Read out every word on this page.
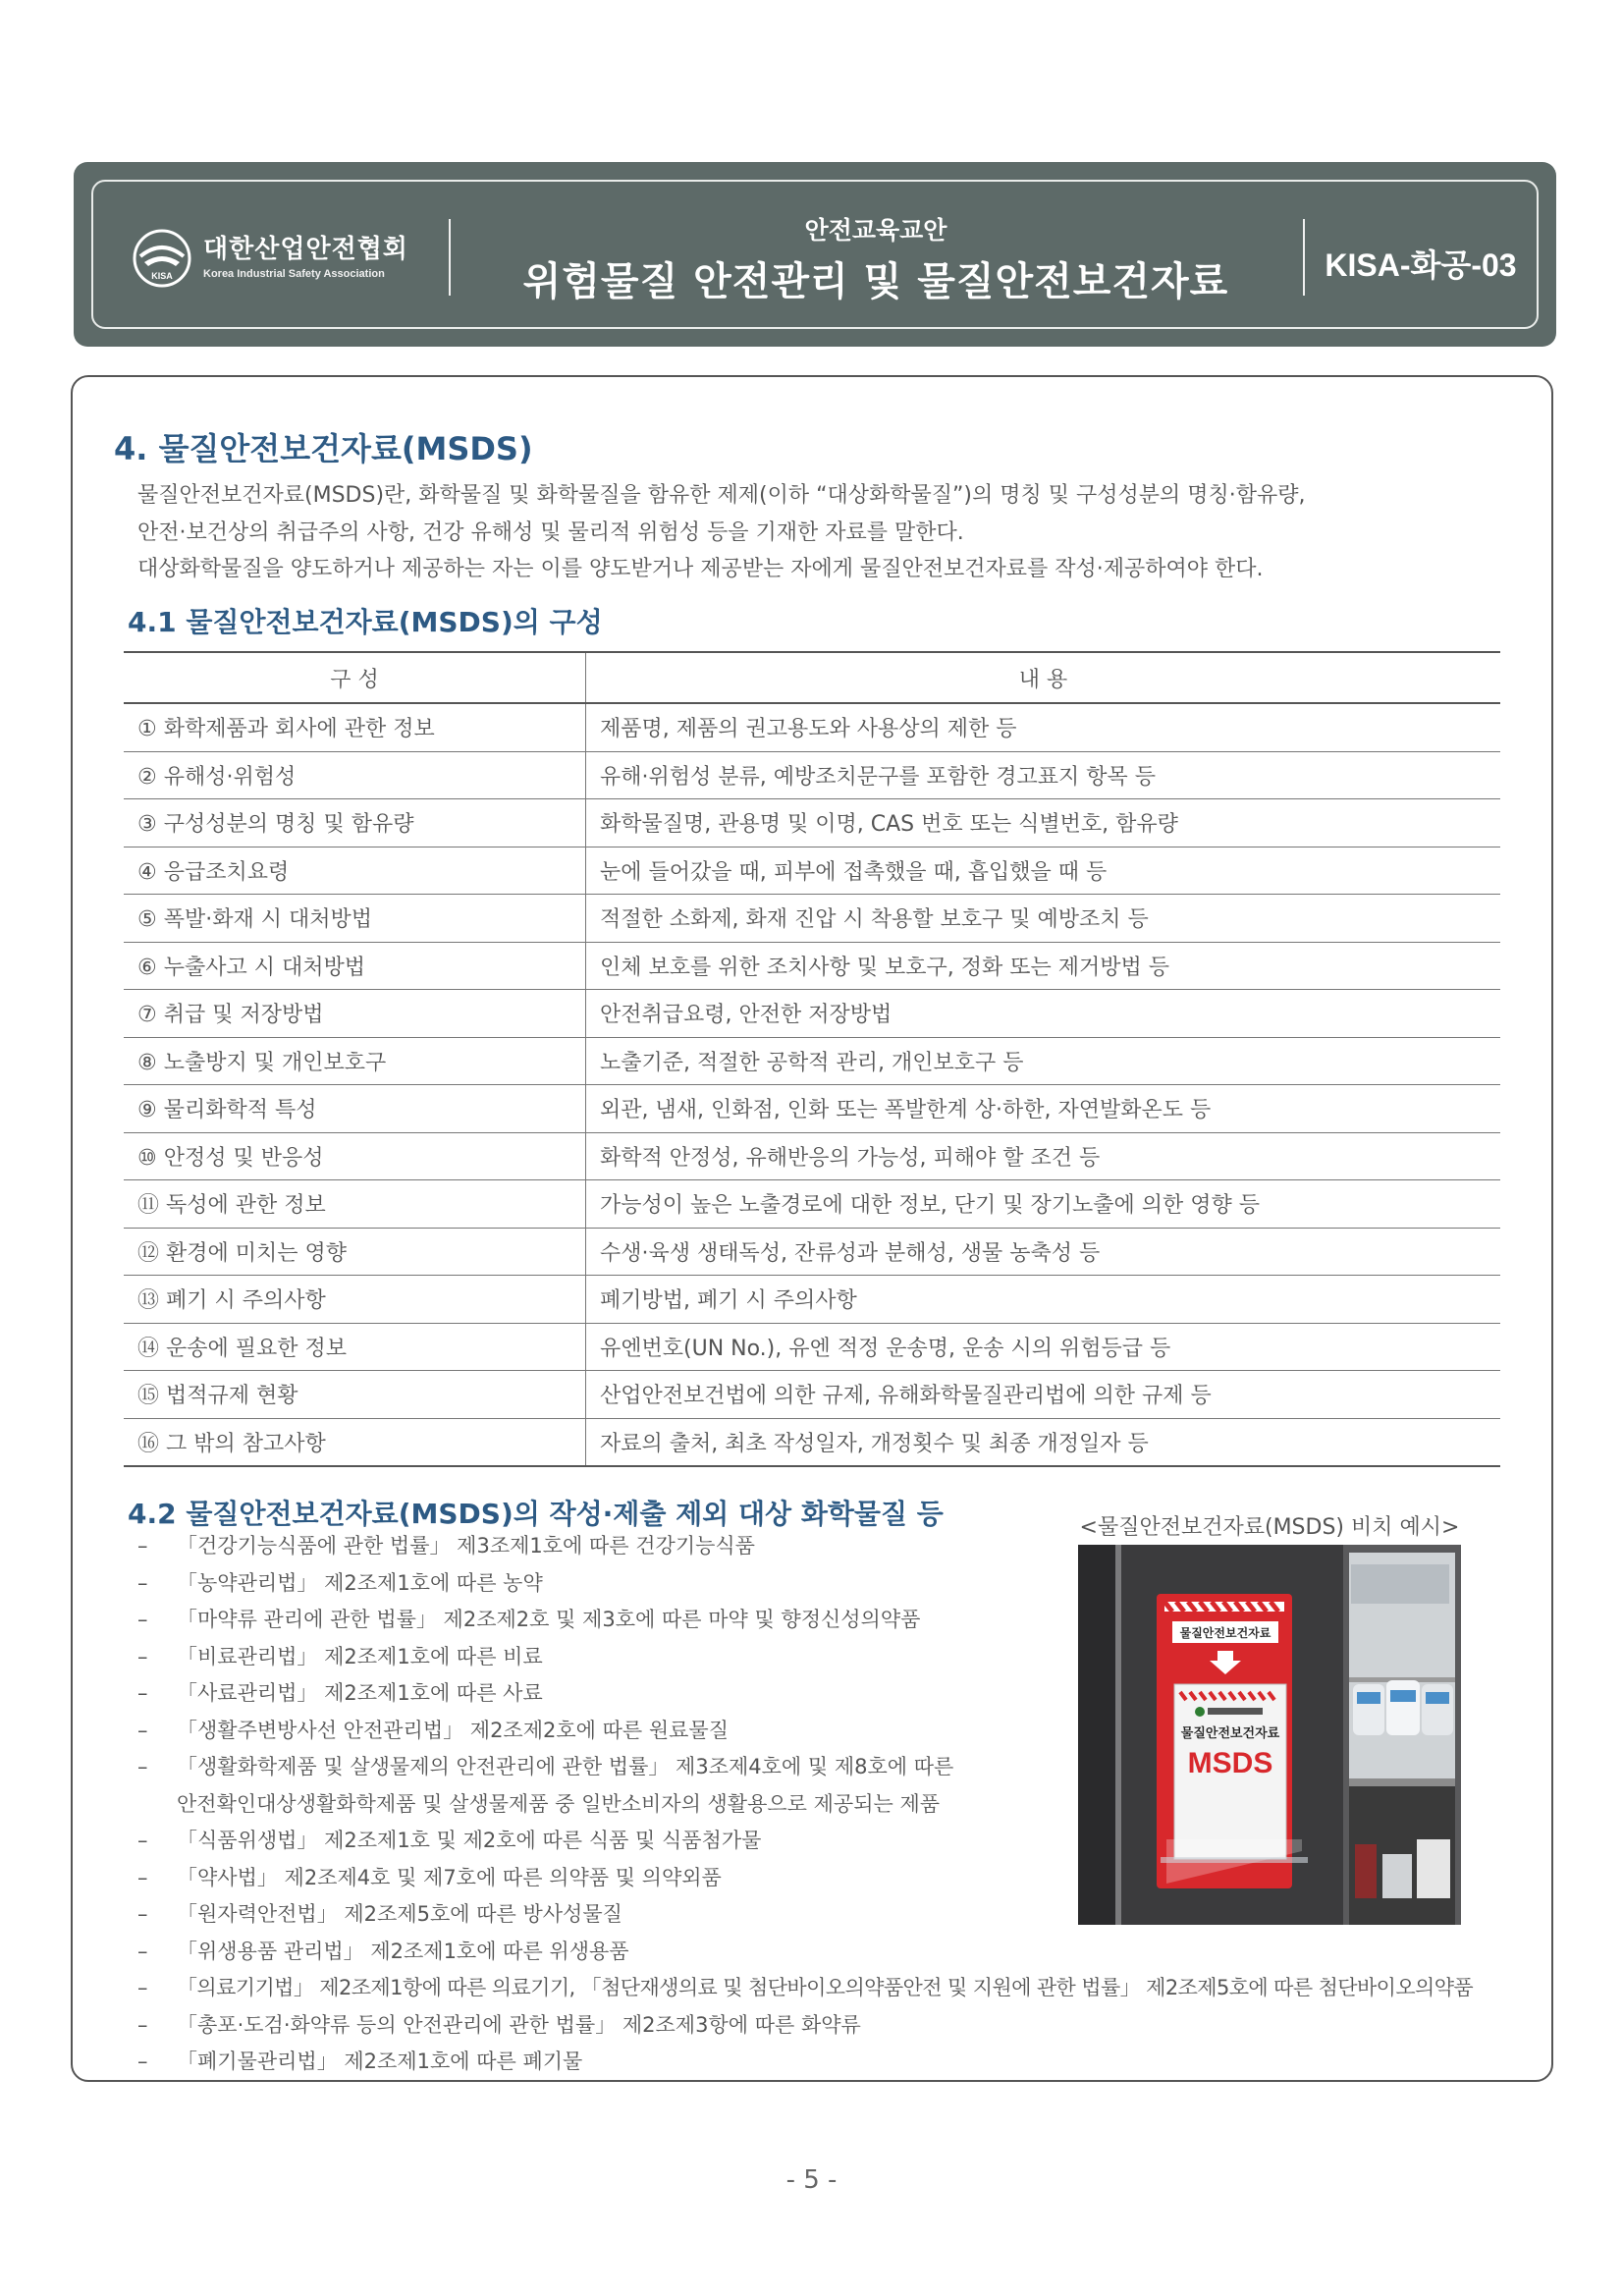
KISA
대한산업안전협회
Korea Industrial Safety Association
안전교육교안
위험물질 안전관리 및 물질안전보건자료	KISA-화공-03
4. 물질안전보건자료(MSDS)
물질안전보건자료(MSDS)란, 화학물질 및 화학물질을 함유한 제제(이하 “대상화학물질”)의 명칭 및 구성성분의 명칭·함유량,
안전·보건상의 취급주의 사항, 건강 유해성 및 물리적 위험성 등을 기재한 자료를 말한다.
대상화학물질을 양도하거나 제공하는 자는 이를 양도받거나 제공받는 자에게 물질안전보건자료를 작성·제공하여야 한다.
4.1 물질안전보건자료(MSDS)의 구성
구 성	내 용
① 화학제품과 회사에 관한 정보	제품명, 제품의 권고용도와 사용상의 제한 등
② 유해성·위험성	유해·위험성 분류, 예방조치문구를 포함한 경고표지 항목 등
③ 구성성분의 명칭 및 함유량	화학물질명, 관용명 및 이명, CAS 번호 또는 식별번호, 함유량
④ 응급조치요령	눈에 들어갔을 때, 피부에 접촉했을 때, 흡입했을 때 등
⑤ 폭발·화재 시 대처방법	적절한 소화제, 화재 진압 시 착용할 보호구 및 예방조치 등
⑥ 누출사고 시 대처방법	인체 보호를 위한 조치사항 및 보호구, 정화 또는 제거방법 등
⑦ 취급 및 저장방법	안전취급요령, 안전한 저장방법
⑧ 노출방지 및 개인보호구	노출기준, 적절한 공학적 관리, 개인보호구 등
⑨ 물리화학적 특성	외관, 냄새, 인화점, 인화 또는 폭발한계 상·하한, 자연발화온도 등
⑩ 안정성 및 반응성	화학적 안정성, 유해반응의 가능성, 피해야 할 조건 등
⑪ 독성에 관한 정보	가능성이 높은 노출경로에 대한 정보, 단기 및 장기노출에 의한 영향 등
⑫ 환경에 미치는 영향	수생·육생 생태독성, 잔류성과 분해성, 생물 농축성 등
⑬ 폐기 시 주의사항	폐기방법, 폐기 시 주의사항
⑭ 운송에 필요한 정보	유엔번호(UN No.), 유엔 적정 운송명, 운송 시의 위험등급 등
⑮ 법적규제 현황	산업안전보건법에 의한 규제, 유해화학물질관리법에 의한 규제 등
⑯ 그 밖의 참고사항	자료의 출처, 최초 작성일자, 개정횟수 및 최종 개정일자 등
4.2 물질안전보건자료(MSDS)의 작성·제출 제외 대상 화학물질 등
– 「건강기능식품에 관한 법률」 제3조제1호에 따른 건강기능식품
– 「농약관리법」 제2조제1호에 따른 농약
– 「마약류 관리에 관한 법률」 제2조제2호 및 제3호에 따른 마약 및 향정신성의약품
– 「비료관리법」 제2조제1호에 따른 비료
– 「사료관리법」 제2조제1호에 따른 사료
– 「생활주변방사선 안전관리법」 제2조제2호에 따른 원료물질
– 「생활화학제품 및 살생물제의 안전관리에 관한 법률」 제3조제4호에 및 제8호에 따른
안전확인대상생활화학제품 및 살생물제품 중 일반소비자의 생활용으로 제공되는 제품
– 「식품위생법」 제2조제1호 및 제2호에 따른 식품 및 식품첨가물
– 「약사법」 제2조제4호 및 제7호에 따른 의약품 및 의약외품
– 「원자력안전법」 제2조제5호에 따른 방사성물질
– 「위생용품 관리법」 제2조제1호에 따른 위생용품
– 「의료기기법」 제2조제1항에 따른 의료기기, 「첨단재생의료 및 첨단바이오의약품안전 및 지원에 관한 법률」 제2조제5호에 따른 첨단바이오의약품
– 「총포·도검·화약류 등의 안전관리에 관한 법률」 제2조제3항에 따른 화약류
– 「폐기물관리법」 제2조제1호에 따른 폐기물
<물질안전보건자료(MSDS) 비치 예시>
물질안전보건자료
물질안전보건자료
MSDS
- 5 -
